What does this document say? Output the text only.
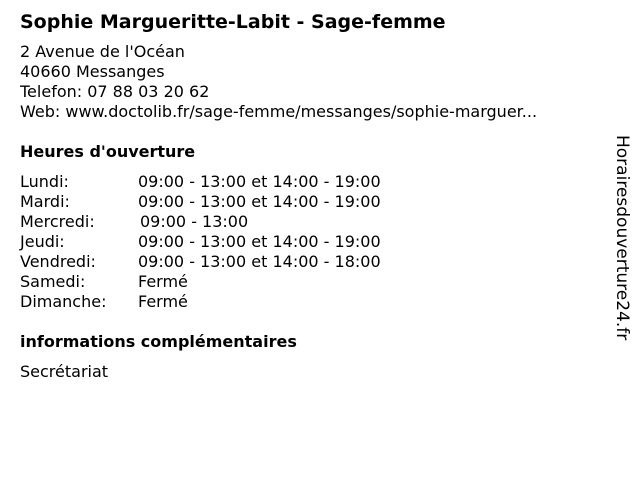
Sophie Margueritte-Labit - Sage-femme
2 Avenue de l'Océan
40660 Messanges
Telefon: 07 88 03 20 62
Web: www.doctolib.fr/sage-femme/messanges/sophie-marguer...
Heures d'ouverture
Lundi:	09:00 - 13:00 et 14:00 - 19:00
Mardi:	09:00 - 13:00 et 14:00 - 19:00
Mercredi:	09:00 - 13:00
Jeudi:	09:00 - 13:00 et 14:00 - 19:00
Vendredi:	09:00 - 13:00 et 14:00 - 18:00
Samedi:	Fermé
Dimanche:	Fermé
informations complémentaires
Secrétariat
Horairesdouverture24.fr
